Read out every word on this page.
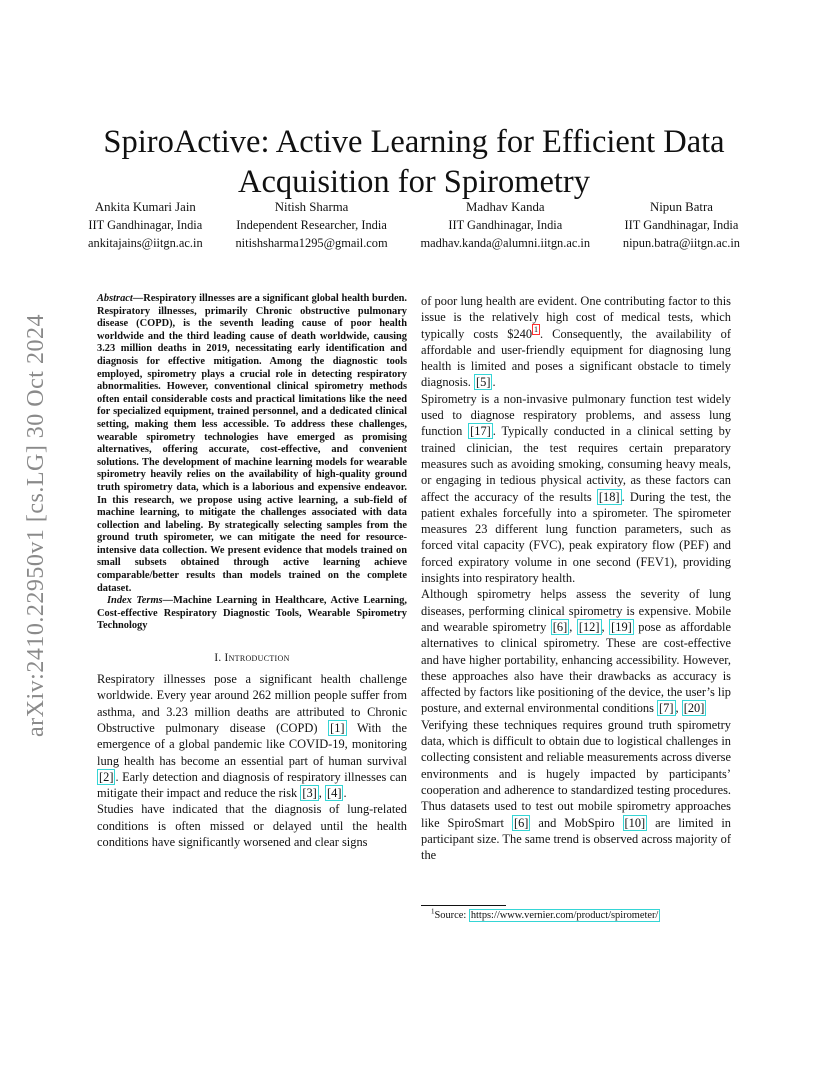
arXiv:2410.22950v1 [cs.LG] 30 Oct 2024
SpiroActive: Active Learning for Efficient Data Acquisition for Spirometry
Ankita Kumari Jain
IIT Gandhinagar, India
ankitajains@iitgn.ac.in
Nitish Sharma
Independent Researcher, India
nitishsharma1295@gmail.com
Madhav Kanda
IIT Gandhinagar, India
madhav.kanda@alumni.iitgn.ac.in
Nipun Batra
IIT Gandhinagar, India
nipun.batra@iitgn.ac.in

Abstract—Respiratory illnesses are a significant global health burden. Respiratory illnesses, primarily Chronic obstructive pulmonary disease (COPD), is the seventh leading cause of poor health worldwide and the third leading cause of death worldwide, causing 3.23 million deaths in 2019, necessitating early identification and diagnosis for effective mitigation. Among the diagnostic tools employed, spirometry plays a crucial role in detecting respiratory abnormalities. However, conventional clinical spirometry methods often entail considerable costs and practical limitations like the need for specialized equipment, trained personnel, and a dedicated clinical setting, making them less accessible. To address these challenges, wearable spirometry technologies have emerged as promising alternatives, offering accurate, cost-effective, and convenient solutions. The development of machine learning models for wearable spirometry heavily relies on the availability of high-quality ground truth spirometry data, which is a laborious and expensive endeavor. In this research, we propose using active learning, a sub-field of machine learning, to mitigate the challenges associated with data collection and labeling. By strategically selecting samples from the ground truth spirometer, we can mitigate the need for resource-intensive data collection. We present evidence that models trained on small subsets obtained through active learning achieve comparable/better results than models trained on the complete dataset.

Index Terms—Machine Learning in Healthcare, Active Learning, Cost-effective Respiratory Diagnostic Tools, Wearable Spirometry Technology

I. Introduction

Respiratory illnesses pose a significant health challenge worldwide. Every year around 262 million people suffer from asthma, and 3.23 million deaths are attributed to Chronic Obstructive pulmonary disease (COPD) [1] With the emergence of a global pandemic like COVID-19, monitoring lung health has become an essential part of human survival [2] . Early detection and diagnosis of respiratory illnesses can mitigate their impact and reduce the risk [3] , [4] .

Studies have indicated that the diagnosis of lung-related conditions is often missed or delayed until the health conditions have significantly worsened and clear signs

of poor lung health are evident. One contributing factor to this issue is the relatively high cost of medical tests, which typically costs $240 $^1$ . Consequently, the availability of affordable and user-friendly equipment for diagnosing lung health is limited and poses a significant obstacle to timely diagnosis. [5] .

Spirometry is a non-invasive pulmonary function test widely used to diagnose respiratory problems, and assess lung function [17] . Typically conducted in a clinical setting by trained clinician, the test requires certain preparatory measures such as avoiding smoking, consuming heavy meals, or engaging in tedious physical activity, as these factors can affect the accuracy of the results [18] . During the test, the patient exhales forcefully into a spirometer. The spirometer measures 23 different lung function parameters, such as forced vital capacity (FVC), peak expiratory flow (PEF) and forced expiratory volume in one second (FEV1), providing insights into respiratory health.

Although spirometry helps assess the severity of lung diseases, performing clinical spirometry is expensive. Mobile and wearable spirometry [6] , [12] , [19] pose as affordable alternatives to clinical spirometry. These are cost-effective and have higher portability, enhancing accessibility. However, these approaches also have their drawbacks as accuracy is affected by factors like positioning of the device, the user’s lip posture, and external environmental conditions [7] , [20]

Verifying these techniques requires ground truth spirometry data, which is difficult to obtain due to logistical challenges in collecting consistent and reliable measurements across diverse environments and is hugely impacted by participants’ cooperation and adherence to standardized testing procedures. Thus datasets used to test out mobile spirometry approaches like SpiroSmart [6] and MobSpiro [10] are limited in participant size. The same trend is observed across majority of the

$^1$Source: https://www.vernier.com/product/spirometer/
